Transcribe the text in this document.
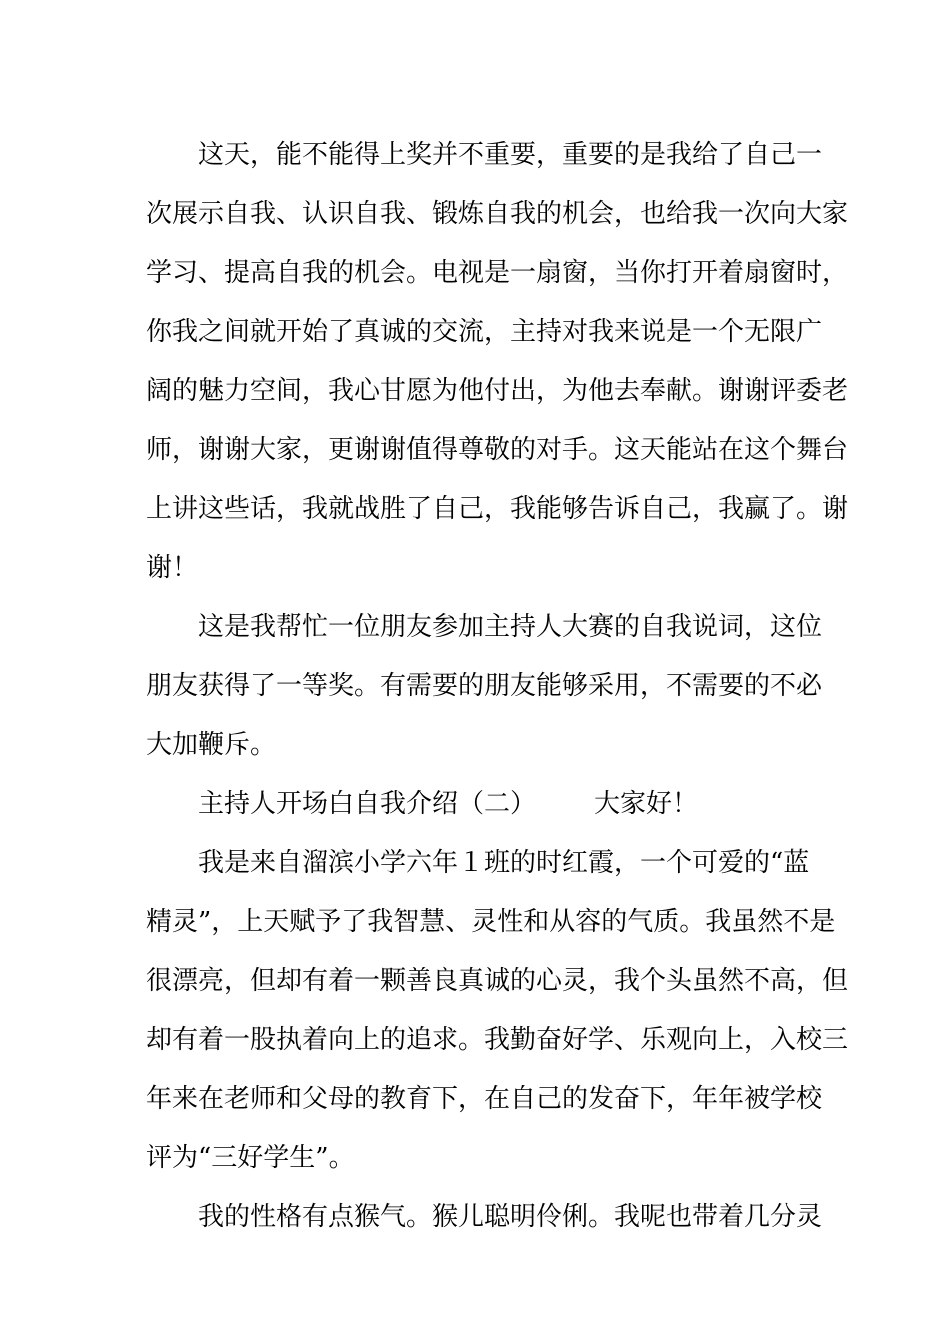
这天，能不能得上奖并不重要，重要的是我给了自己一
次展示自我、认识自我、锻炼自我的机会，也给我一次向大家
学习、提高自我的机会。电视是一扇窗，当你打开着扇窗时，
你我之间就开始了真诚的交流，主持对我来说是一个无限广
阔的魅力空间，我心甘愿为他付出，为他去奉献。谢谢评委老
师，谢谢大家，更谢谢值得尊敬的对手。这天能站在这个舞台
上讲这些话，我就战胜了自己，我能够告诉自己，我赢了。谢
谢！
这是我帮忙一位朋友参加主持人大赛的自我说词，这位
朋友获得了一等奖。有需要的朋友能够采用，不需要的不必
大加鞭斥。
主持人开场白自我介绍（二） 大家好！
我是来自溜滨小学六年１班的时红霞，一个可爱的“蓝
精灵”，上天赋予了我智慧、灵性和从容的气质。我虽然不是
很漂亮，但却有着一颗善良真诚的心灵，我个头虽然不高，但
却有着一股执着向上的追求。我勤奋好学、乐观向上，入校三
年来在老师和父母的教育下，在自己的发奋下，年年被学校
评为“三好学生”。
我的性格有点猴气。猴儿聪明伶俐。我呢也带着几分灵
